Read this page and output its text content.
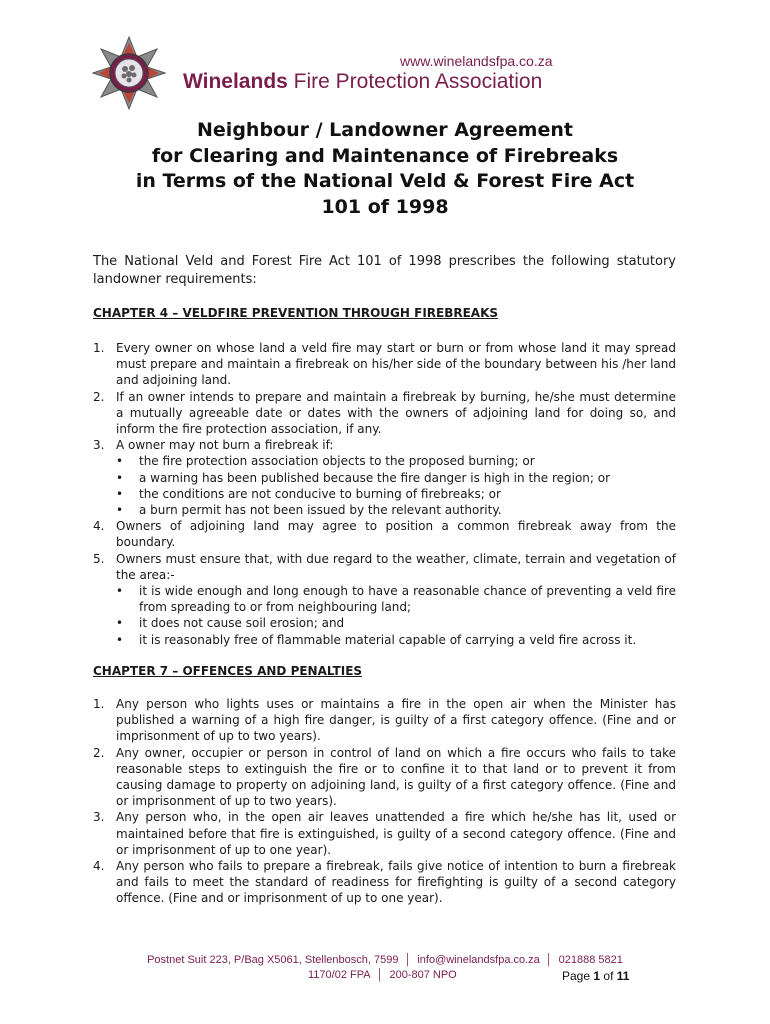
www.winelandsfpa.co.za
Winelands Fire Protection Association
Neighbour / Landowner Agreement
for Clearing and Maintenance of Firebreaks
in Terms of the National Veld & Forest Fire Act
101 of 1998

The National Veld and Forest Fire Act 101 of 1998 prescribes the following statutory landowner requirements:

CHAPTER 4 – VELDFIRE PREVENTION THROUGH FIREBREAKS
1. Every owner on whose land a veld fire may start or burn or from whose land it may spread must prepare and maintain a firebreak on his/her side of the boundary between his /her land and adjoining land.
2. If an owner intends to prepare and maintain a firebreak by burning, he/she must determine a mutually agreeable date or dates with the owners of adjoining land for doing so, and inform the fire protection association, if any.
3. A owner may not burn a firebreak if:
• the fire protection association objects to the proposed burning; or
• a warning has been published because the fire danger is high in the region; or
• the conditions are not conducive to burning of firebreaks; or
• a burn permit has not been issued by the relevant authority.
4. Owners of adjoining land may agree to position a common firebreak away from the boundary.
5. Owners must ensure that, with due regard to the weather, climate, terrain and vegetation of the area:-
• it is wide enough and long enough to have a reasonable chance of preventing a veld fire from spreading to or from neighbouring land;
• it does not cause soil erosion; and
• it is reasonably free of flammable material capable of carrying a veld fire across it.
CHAPTER 7 – OFFENCES AND PENALTIES
1. Any person who lights uses or maintains a fire in the open air when the Minister has published a warning of a high fire danger, is guilty of a first category offence. (Fine and or imprisonment of up to two years).
2. Any owner, occupier or person in control of land on which a fire occurs who fails to take reasonable steps to extinguish the fire or to confine it to that land or to prevent it from causing damage to property on adjoining land, is guilty of a first category offence. (Fine and or imprisonment of up to two years).
3. Any person who, in the open air leaves unattended a fire which he/she has lit, used or maintained before that fire is extinguished, is guilty of a second category offence. (Fine and or imprisonment of up to one year).
4. Any person who fails to prepare a firebreak, fails give notice of intention to burn a firebreak and fails to meet the standard of readiness for firefighting is guilty of a second category offence. (Fine and or imprisonment of up to one year).
Postnet Suit 223, P/Bag X5061, Stellenbosch, 7599 │ info@winelandsfpa.co.za │ 021888 5821
1170/02 FPA │ 200-807 NPO	Page 1 of 11
